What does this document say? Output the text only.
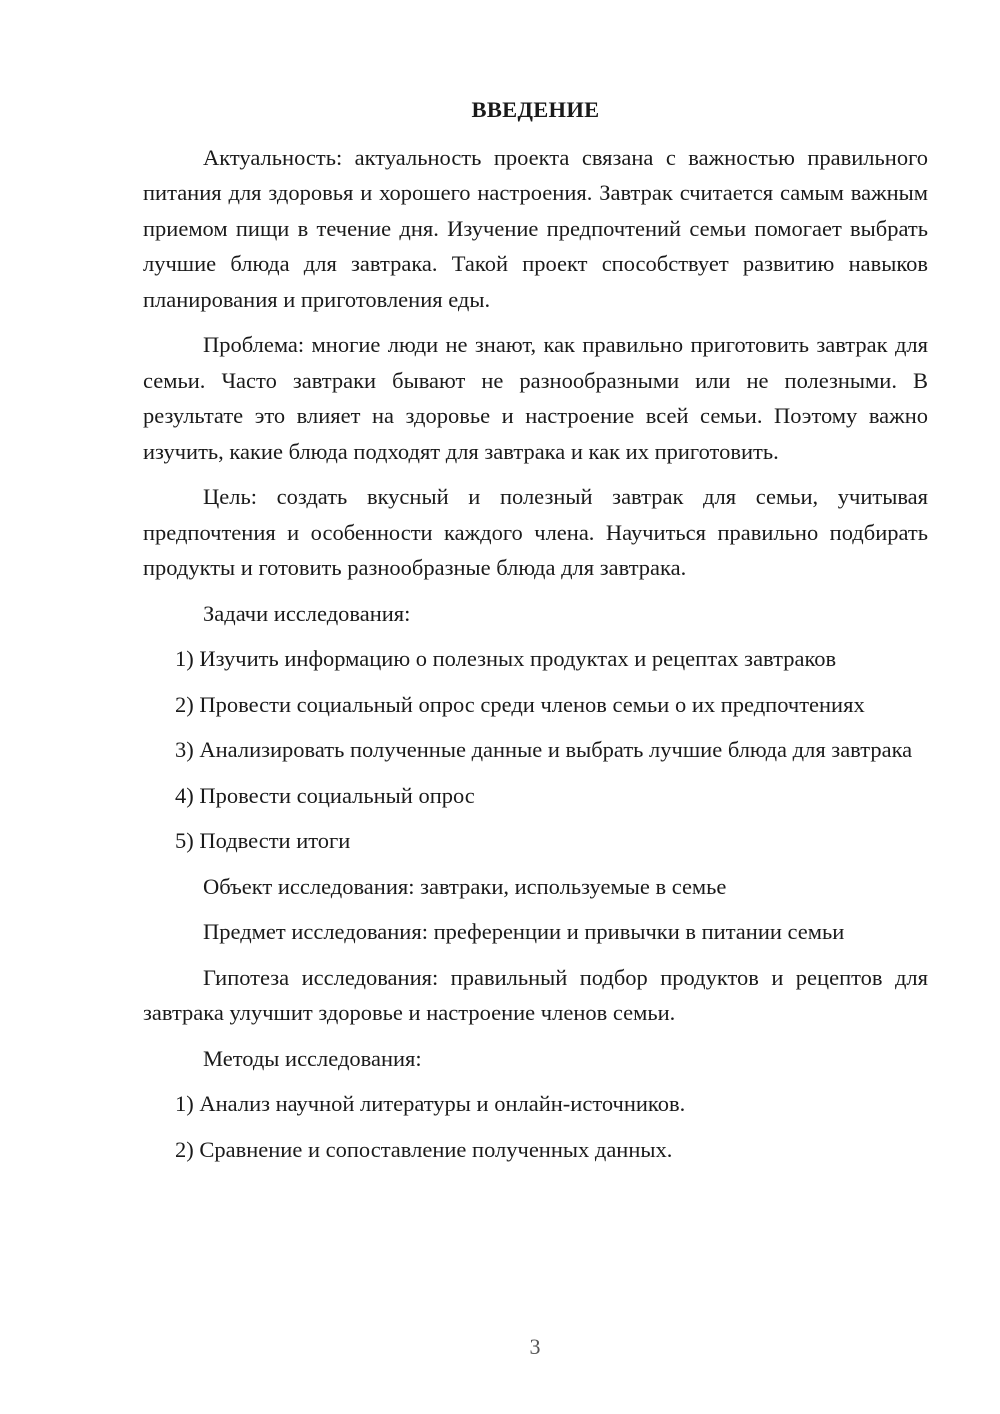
ВВЕДЕНИЕ

Актуальность: актуальность проекта связана с важностью правильного питания для здоровья и хорошего настроения. Завтрак считается самым важным приемом пищи в течение дня. Изучение предпочтений семьи помогает выбрать лучшие блюда для завтрака. Такой проект способствует развитию навыков планирования и приготовления еды.

Проблема: многие люди не знают, как правильно приготовить завтрак для семьи. Часто завтраки бывают не разнообразными или не полезными. В результате это влияет на здоровье и настроение всей семьи. Поэтому важно изучить, какие блюда подходят для завтрака и как их приготовить.

Цель: создать вкусный и полезный завтрак для семьи, учитывая предпочтения и особенности каждого члена. Научиться правильно подбирать продукты и готовить разнообразные блюда для завтрака.

Задачи исследования:

1) Изучить информацию о полезных продуктах и рецептах завтраков

2) Провести социальный опрос среди членов семьи о их предпочтениях

3) Анализировать полученные данные и выбрать лучшие блюда для завтрака

4) Провести социальный опрос

5) Подвести итоги

Объект исследования: завтраки, используемые в семье

Предмет исследования: преференции и привычки в питании семьи

Гипотеза исследования: правильный подбор продуктов и рецептов для завтрака улучшит здоровье и настроение членов семьи.

Методы исследования:

1) Анализ научной литературы и онлайн-источников.

2) Сравнение и сопоставление полученных данных.

3
